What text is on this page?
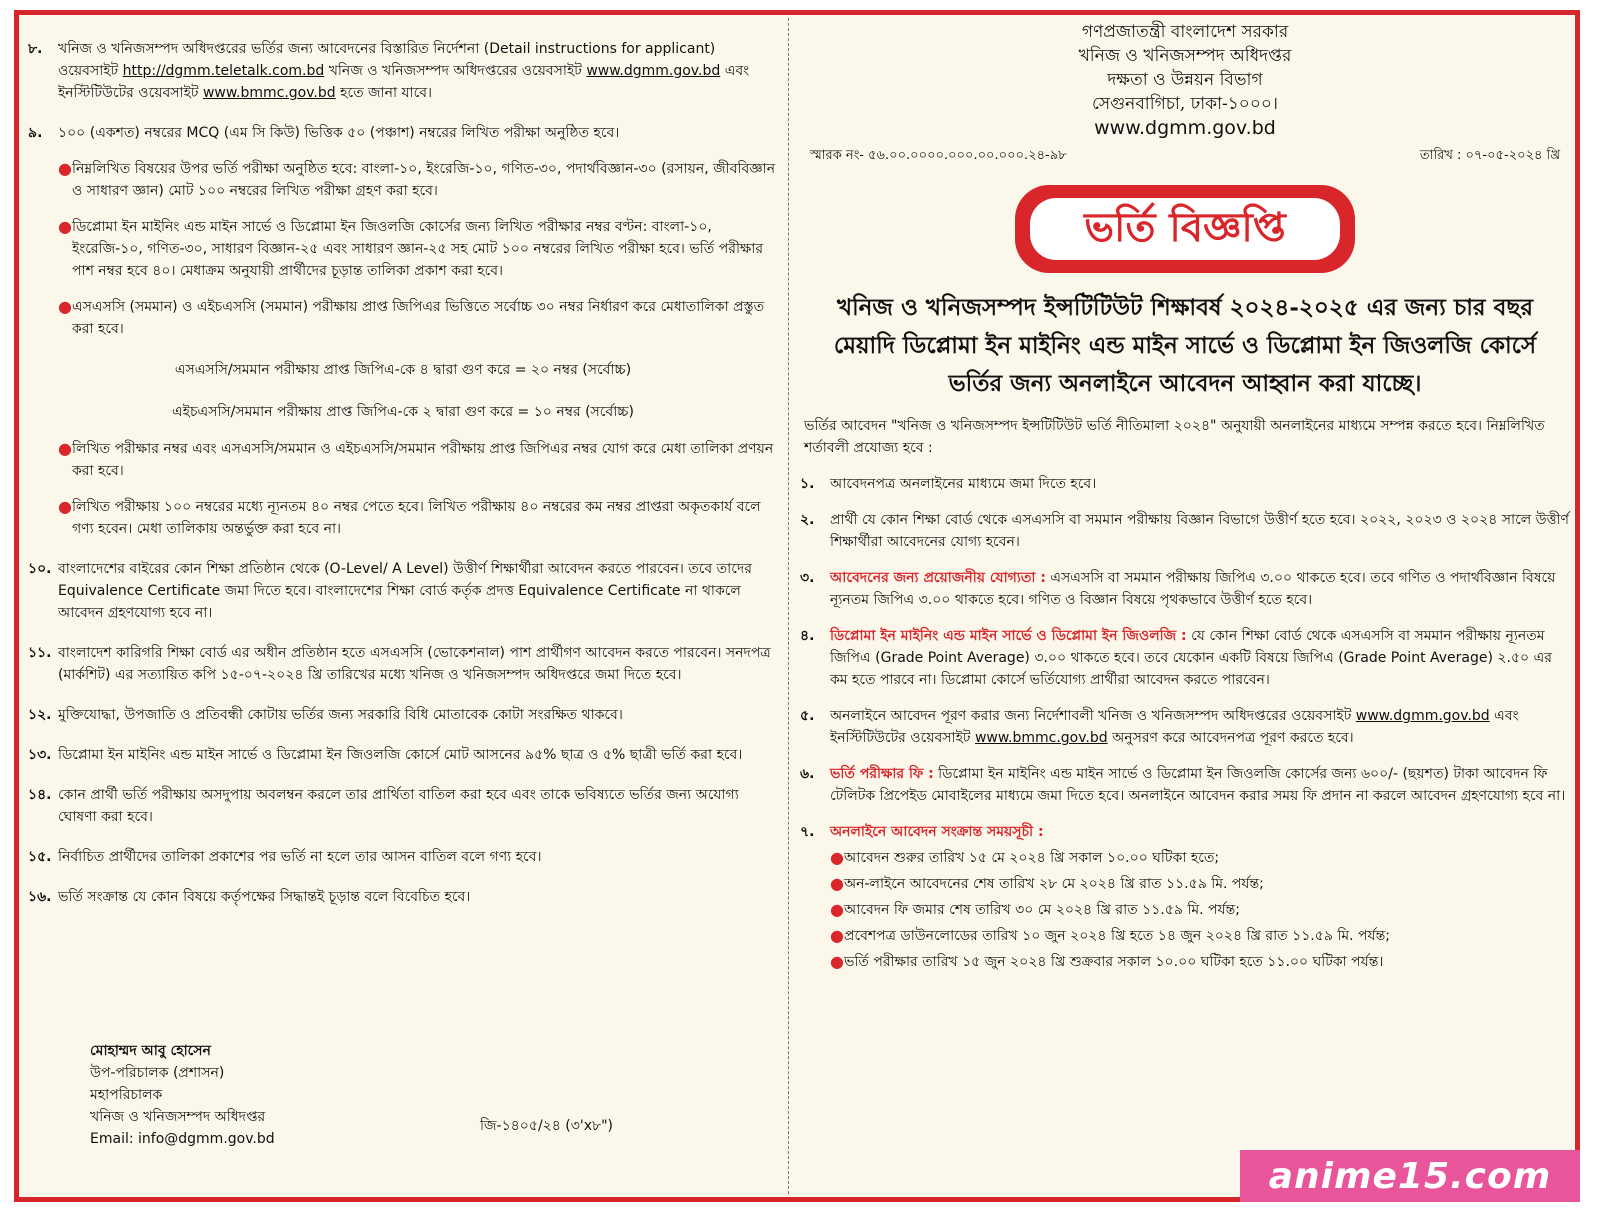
গণপ্রজাতন্ত্রী বাংলাদেশ সরকার
খনিজ ও খনিজসম্পদ অধিদপ্তর
দক্ষতা ও উন্নয়ন বিভাগ
সেগুনবাগিচা, ঢাকা-১০০০।
www.dgmm.gov.bd
স্মারক নং- ৫৬.০০.০০০০.০০০.০০.০০০.২৪-৯৮	তারিখ : ০৭-০৫-২০২৪ খ্রি
ভর্তি বিজ্ঞপ্তি
খনিজ ও খনিজসম্পদ ইন্সটিটিউট শিক্ষাবর্ষ ২০২৪-২০২৫ এর জন্য চার বছর মেয়াদি ডিপ্লোমা ইন মাইনিং এন্ড মাইন সার্ভে ও ডিপ্লোমা ইন জিওলজি কোর্সে ভর্তির জন্য অনলাইনে আবেদন আহ্বান করা যাচ্ছে।
ভর্তির আবেদন "খনিজ ও খনিজসম্পদ ইন্সটিটিউট ভর্তি নীতিমালা ২০২৪" অনুযায়ী অনলাইনের মাধ্যমে সম্পন্ন করতে হবে। নিম্নলিখিত শর্তাবলী প্রযোজ্য হবে :
১.	আবেদনপত্র অনলাইনের মাধ্যমে জমা দিতে হবে।
২.	প্রার্থী যে কোন শিক্ষা বোর্ড থেকে এসএসসি বা সমমান পরীক্ষায় বিজ্ঞান বিভাগে উত্তীর্ণ হতে হবে। ২০২২, ২০২৩ ও ২০২৪ সালে উত্তীর্ণ শিক্ষার্থীরা আবেদনের যোগ্য হবেন।
৩.	আবেদনের জন্য প্রয়োজনীয় যোগ্যতা : এসএসসি বা সমমান পরীক্ষায় জিপিএ ৩.০০ থাকতে হবে। তবে গণিত ও পদার্থবিজ্ঞান বিষয়ে ন্যূনতম জিপিএ ৩.০০ থাকতে হবে। গণিত ও বিজ্ঞান বিষয়ে পৃথকভাবে উত্তীর্ণ হতে হবে।
৪.	ডিপ্লোমা ইন মাইনিং এন্ড মাইন সার্ভে ও ডিপ্লোমা ইন জিওলজি : যে কোন শিক্ষা বোর্ড থেকে এসএসসি বা সমমান পরীক্ষায় ন্যূনতম জিপিএ (Grade Point Average) ৩.০০ থাকতে হবে। তবে যেকোন একটি বিষয়ে জিপিএ (Grade Point Average) ২.৫০ এর কম হতে পারবে না। ডিপ্লোমা কোর্সে ভর্তিযোগ্য প্রার্থীরা আবেদন করতে পারবেন।
৫.	অনলাইনে আবেদন পূরণ করার জন্য নির্দেশাবলী খনিজ ও খনিজসম্পদ অধিদপ্তরের ওয়েবসাইট www.dgmm.gov.bd এবং ইনস্টিটিউটের ওয়েবসাইট www.bmmc.gov.bd অনুসরণ করে আবেদনপত্র পূরণ করতে হবে।
৬.	ভর্তি পরীক্ষার ফি : ডিপ্লোমা ইন মাইনিং এন্ড মাইন সার্ভে ও ডিপ্লোমা ইন জিওলজি কোর্সের জন্য ৬০০/- (ছয়শত) টাকা আবেদন ফি টেলিটক প্রিপেইড মোবাইলের মাধ্যমে জমা দিতে হবে। অনলাইনে আবেদন করার সময় ফি প্রদান না করলে আবেদন গ্রহণযোগ্য হবে না।
৭.	অনলাইনে আবেদন সংক্রান্ত সময়সূচী :
● আবেদন শুরুর তারিখ ১৫ মে ২০২৪ খ্রি সকাল ১০.০০ ঘটিকা হতে;
● অন-লাইনে আবেদনের শেষ তারিখ ২৮ মে ২০২৪ খ্রি রাত ১১.৫৯ মি. পর্যন্ত;
● আবেদন ফি জমার শেষ তারিখ ৩০ মে ২০২৪ খ্রি রাত ১১.৫৯ মি. পর্যন্ত;
● প্রবেশপত্র ডাউনলোডের তারিখ ১০ জুন ২০২৪ খ্রি হতে ১৪ জুন ২০২৪ খ্রি রাত ১১.৫৯ মি. পর্যন্ত;
● ভর্তি পরীক্ষার তারিখ ১৫ জুন ২০২৪ খ্রি শুক্রবার সকাল ১০.০০ ঘটিকা হতে ১১.০০ ঘটিকা পর্যন্ত।
৮.	খনিজ ও খনিজসম্পদ অধিদপ্তরের ভর্তির জন্য আবেদনের বিস্তারিত নির্দেশনা (Detail instructions for applicant) ওয়েবসাইট http://dgmm.teletalk.com.bd খনিজ ও খনিজসম্পদ অধিদপ্তরের ওয়েবসাইট www.dgmm.gov.bd এবং ইনস্টিটিউটের ওয়েবসাইট www.bmmc.gov.bd হতে জানা যাবে।
৯.	১০০ (একশত) নম্বরের MCQ (এম সি কিউ) ভিত্তিক ৫০ (পঞ্চাশ) নম্বরের লিখিত পরীক্ষা অনুষ্ঠিত হবে।
● নিম্নলিখিত বিষয়ের উপর ভর্তি পরীক্ষা অনুষ্ঠিত হবে: বাংলা-১০, ইংরেজি-১০, গণিত-৩০, পদার্থবিজ্ঞান-৩০ (রসায়ন, জীববিজ্ঞান ও সাধারণ জ্ঞান) মোট ১০০ নম্বরের লিখিত পরীক্ষা গ্রহণ করা হবে।
● ডিপ্লোমা ইন মাইনিং এন্ড মাইন সার্ভে ও ডিপ্লোমা ইন জিওলজি কোর্সের জন্য লিখিত পরীক্ষার নম্বর বণ্টন: বাংলা-১০, ইংরেজি-১০, গণিত-৩০, সাধারণ বিজ্ঞান-২৫ এবং সাধারণ জ্ঞান-২৫ সহ মোট ১০০ নম্বরের লিখিত পরীক্ষা হবে। ভর্তি পরীক্ষার পাশ নম্বর হবে ৪০। মেধাক্রম অনুযায়ী প্রার্থীদের চূড়ান্ত তালিকা প্রকাশ করা হবে।
● এসএসসি (সমমান) ও এইচএসসি (সমমান) পরীক্ষায় প্রাপ্ত জিপিএর ভিত্তিতে সর্বোচ্চ ৩০ নম্বর নির্ধারণ করে মেধাতালিকা প্রস্তুত করা হবে।
এসএসসি/সমমান পরীক্ষায় প্রাপ্ত জিপিএ-কে ৪ দ্বারা গুণ করে = ২০ নম্বর (সর্বোচ্চ)
এইচএসসি/সমমান পরীক্ষায় প্রাপ্ত জিপিএ-কে ২ দ্বারা গুণ করে = ১০ নম্বর (সর্বোচ্চ)
● লিখিত পরীক্ষার নম্বর এবং এসএসসি/সমমান ও এইচএসসি/সমমান পরীক্ষায় প্রাপ্ত জিপিএর নম্বর যোগ করে মেধা তালিকা প্রণয়ন করা হবে।
● লিখিত পরীক্ষায় ১০০ নম্বরের মধ্যে ন্যূনতম ৪০ নম্বর পেতে হবে। লিখিত পরীক্ষায় ৪০ নম্বরের কম নম্বর প্রাপ্তরা অকৃতকার্য বলে গণ্য হবেন। মেধা তালিকায় অন্তর্ভুক্ত করা হবে না।
১০. বাংলাদেশের বাইরের কোন শিক্ষা প্রতিষ্ঠান থেকে (O-Level/ A Level) উত্তীর্ণ শিক্ষার্থীরা আবেদন করতে পারবেন। তবে তাদের Equivalence Certificate জমা দিতে হবে। বাংলাদেশের শিক্ষা বোর্ড কর্তৃক প্রদত্ত Equivalence Certificate না থাকলে আবেদন গ্রহণযোগ্য হবে না।
১১. বাংলাদেশ কারিগরি শিক্ষা বোর্ড এর অধীন প্রতিষ্ঠান হতে এসএসসি (ভোকেশনাল) পাশ প্রার্থীগণ আবেদন করতে পারবেন। সনদপত্র (মার্কশিট) এর সত্যায়িত কপি ১৫-০৭-২০২৪ খ্রি তারিখের মধ্যে খনিজ ও খনিজসম্পদ অধিদপ্তরে জমা দিতে হবে।
১২. মুক্তিযোদ্ধা, উপজাতি ও প্রতিবন্ধী কোটায় ভর্তির জন্য সরকারি বিধি মোতাবেক কোটা সংরক্ষিত থাকবে।
১৩. ডিপ্লোমা ইন মাইনিং এন্ড মাইন সার্ভে ও ডিপ্লোমা ইন জিওলজি কোর্সে মোট আসনের ৯৫% ছাত্র ও ৫% ছাত্রী ভর্তি করা হবে।
১৪. কোন প্রার্থী ভর্তি পরীক্ষায় অসদুপায় অবলম্বন করলে তার প্রার্থিতা বাতিল করা হবে এবং তাকে ভবিষ্যতে ভর্তির জন্য অযোগ্য ঘোষণা করা হবে।
১৫. নির্বাচিত প্রার্থীদের তালিকা প্রকাশের পর ভর্তি না হলে তার আসন বাতিল বলে গণ্য হবে।
১৬. ভর্তি সংক্রান্ত যে কোন বিষয়ে কর্তৃপক্ষের সিদ্ধান্তই চূড়ান্ত বলে বিবেচিত হবে।
মোহাম্মদ আবু হোসেন
উপ-পরিচালক (প্রশাসন)
মহাপরিচালক
খনিজ ও খনিজসম্পদ অধিদপ্তর
Email: info@dgmm.gov.bd
জি-১৪০৫/২৪ (৩'x৮")
anime15.com
